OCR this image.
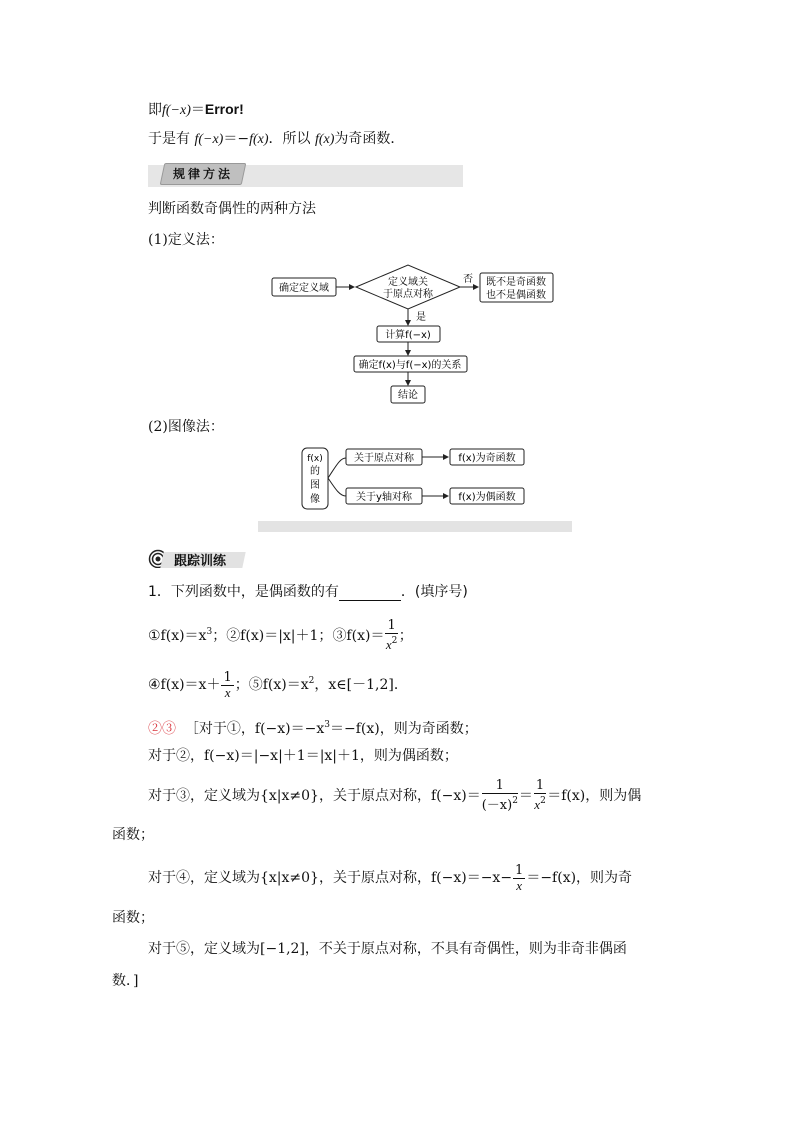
即f(−x)＝Error!
于是有 f(−x)＝−f(x)．所以 f(x)为奇函数．
规律方法
判断函数奇偶性的两种方法
(1)定义法：
确定定义域
定义域关
于原点对称
否 既不是奇函数
也不是偶函数
是
计算f(−x)
确定f(x)与f(−x)的关系
结论
(2)图像法：
f(x)
的
图
像
关于原点对称
关于y轴对称
f(x)为奇函数
f(x)为偶函数
跟踪训练
1．下列函数中，是偶函数的有	．(填序号)
$①f(x)=x^3$；②f(x)＝|x|＋1；③f(x)＝ $\frac{1}{x^2}$ ；
④f(x)＝x＋ $\frac{1}{x}$ ；$⑤f(x)=x^2$，x∈[－1,2]．
②③ ［对于①，$f(-x)=-x^3=-f(x)$，则为奇函数；
对于②，f(−x)＝|−x|＋1＝|x|＋1，则为偶函数；
对于③，定义域为{x|x≠0}，关于原点对称，$f(-x)= \frac{1}{(-x)^2} = \frac{1}{x^2} =f(x)$，则为偶
函数；
对于④，定义域为{x|x≠0}，关于原点对称，$f(-x)=-x- \frac{1}{x} =-f(x)$，则为奇
函数；
对于⑤，定义域为[−1,2]，不关于原点对称，不具有奇偶性，则为非奇非偶函
数．]
